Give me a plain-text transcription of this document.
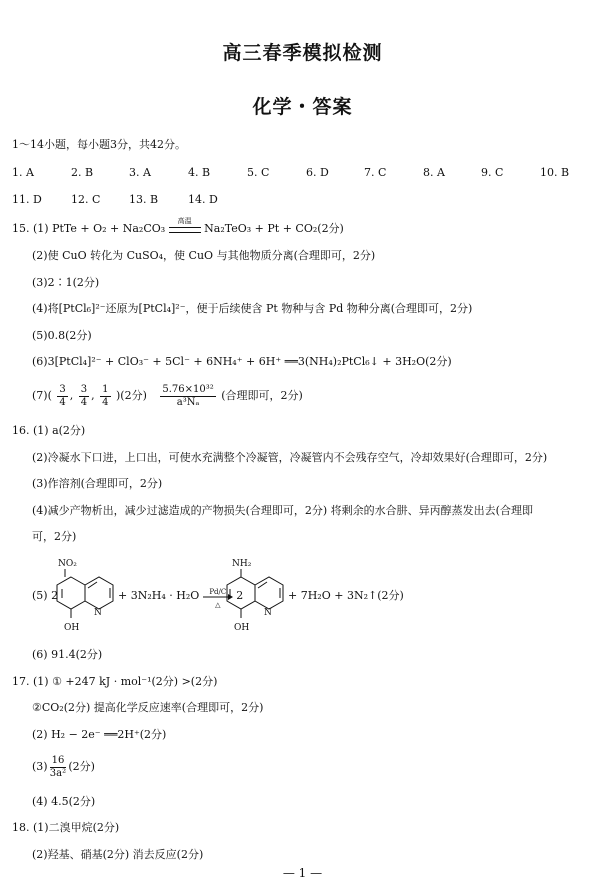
高三春季模拟检测
化学・答案
1～14小题，每小题3分，共42分。
1. A	2. B	3. A	4. B	5. C	6. D	7. C	8. A	9. C	10. B
11. D	12. C	13. B	14. D
15. (1) PtTe + O₂ + Na₂CO₃
高温
Na₂TeO₃ + Pt + CO₂(2分)
(2)使 CuO 转化为 CuSO₄，使 CuO 与其他物质分离(合理即可，2分)
(3)2∶1(2分)
(4)将[PtCl₆]²⁻还原为[PtCl₄]²⁻，便于后续使含 Pt 物种与含 Pd 物种分离(合理即可，2分)
(5)0.8(2分)
(6)3[PtCl₄]²⁻ + ClO₃⁻ + 5Cl⁻ + 6NH₄⁺ + 6H⁺ ══3(NH₄)₂PtCl₆↓ + 3H₂O(2分)
$(7)( \frac{3}{4}$ , $\frac{3}{4}$ , $\frac{1}{4} )(2$分) $\frac{\text{5.76×10³²}}{\text{a³Nₐ}}$ (合理即可，2分)
16. (1) a(2分)
(2)冷凝水下口进，上口出，可使水充满整个冷凝管，冷凝管内不会残存空气，冷却效果好(合理即可，2分)
(3)作溶剂(合理即可，2分)
(4)减少产物析出，减少过滤造成的产物损失(合理即可，2分) 将剩余的水合肼、异丙醇蒸发出去(合理即
可，2分)
(5) 2
NO₂
N
OH
+ 3N₂H₄ · H₂O	Pd/C
△
2
NH₂
N
OH
+ 7H₂O + 3N₂↑(2分)
(6) 91.4(2分)
17. (1) ① +247 kJ · mol⁻¹(2分) >(2分)
②CO₂(2分) 提高化学反应速率(合理即可，2分)
(2) H₂ − 2e⁻ ══2H⁺(2分)
$(3) \frac{16}{\text{3a²}} (2$分)
(4) 4.5(2分)
18. (1)二溴甲烷(2分)
(2)羟基、硝基(2分) 消去反应(2分)
— 1 —
